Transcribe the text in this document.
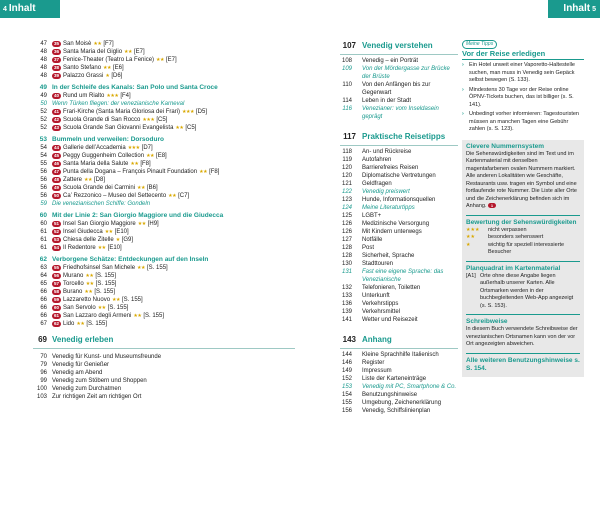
4 Inhalt	Inhalt 5
47	35 San Moisè ★★ [F7]
48	36 Santa Maria del Giglio ★★ [E7]
48	37 Fenice-Theater (Teatro La Fenice) ★★ [E7]
48	38 Santo Stefano ★★ [E6]
48	39 Palazzo Grassi ★ [D6]
49 In der Schleife des Kanals: San Polo und Santa Croce
49	40 Rund um Rialto ★★★ [F4]
50 Wenn Türken fliegen: der venezianische Karneval
52	41 Frari-Kirche (Santa Maria Gloriosa dei Frari) ★★★ [D5]
52	42 Scuola Grande di San Rocco ★★★ [C5]
52	43 Scuola Grande San Giovanni Evangelista ★★ [C5]
53 Bummeln und verweilen: Dorsoduro
54	44 Gallerie dell’Accademia ★★★ [D7]
54	45 Peggy Guggenheim Collection ★★ [E8]
55	46 Santa Maria della Salute ★★ [F8]
56	47 Punta della Dogana – François Pinault Foundation ★★ [F8]
56	48 Zattere ★★ [D8]
56	49 Scuola Grande dei Carmini ★★ [B6]
56	50 Ca’ Rezzonico – Museo del Settecento ★★ [C7]
59 Die venezianischen Schiffe: Gondeln
60 Mit der Linie 2: San Giorgio Maggiore und die Giudecca
60	51 Insel San Giorgio Maggiore ★★ [H9]
61	52 Insel Giudecca ★★ [E10]
61	53 Chiesa delle Zitelle ★ [G9]
61	54 Il Redentore ★★ [E10]
62 Verborgene Schätze: Entdeckungen auf den Inseln
63	55 Friedhofsinsel San Michele ★★ [S. 155]
64	56 Murano ★★ [S. 155]
65	57 Torcello ★★ [S. 155]
66	58 Burano ★★ [S. 155]
66	59 Lazzaretto Nuovo ★★ [S. 155]
66	60 San Servolo ★★ [S. 155]
66	61 San Lazzaro degli Armeni ★★ [S. 155]
67	62 Lido ★★ [S. 155]
69 Venedig erleben
70 Venedig für Kunst- und Museumsfreunde
79 Venedig für Genießer
96 Venedig am Abend
99 Venedig zum Stöbern und Shoppen
100 Venedig zum Durchatmen
103 Zur richtigen Zeit am richtigen Ort
107 Venedig verstehen
108 Venedig – ein Porträt
109 Von der Mördergasse zur Brücke der Brüste
110 Von den Anfängen bis zur Gegenwart
114 Leben in der Stadt
116 Venezianer: vom Inseldasein geprägt
117 Praktische Reisetipps
118 An- und Rückreise
119 Autofahren
120 Barrierefreies Reisen
120 Diplomatische Vertretungen
121 Geldfragen
122 Venedig preiswert
123 Hunde, Informationsquellen
124 Meine Literaturtipps
125 LGBT+
126 Medizinische Versorgung
126 Mit Kindern unterwegs
127 Notfälle
128 Post
128 Sicherheit, Sprache
130 Stadttouren
131 Fast eine eigene Sprache: das Venezianische
132 Telefonieren, Toiletten
133 Unterkunft
136 Verkehrstipps
139 Verkehrsmittel
141 Wetter und Reisezeit
143 Anhang
144 Kleine Sprachhilfe Italienisch
146 Register
149 Impressum
152 Liste der Karteneinträge
153 Venedig mit PC, Smartphone & Co.
154 Benutzungshinweise
155 Umgebung, Zeichenerklärung
156 Venedig, Schiffslinienplan
Meine Tipps
Vor der Reise erledigen
› Ein Hotel unweit einer Vaporetto-Haltestelle suchen, man muss in Venedig sein Gepäck selbst bewegen (S. 133).
› Mindestens 30 Tage vor der Reise online ÖPNV-Tickets buchen, das ist billiger (s. S. 141).
› Unbedingt vorher informieren: Tagestouristen müssen an manchen Tagen eine Gebühr zahlen (s. S. 123).
Clevere Nummernsystem
Die Sehenswürdigkeiten sind im Text und im Kartenmaterial mit denselben magentafarbenen ovalen Nummern markiert. Alle anderen Lokalitäten wie Geschäfte, Restaurants usw. tragen ein Symbol und eine fortlaufende rote Nummer. Die Liste aller Orte und die Zeichenerklärung befinden sich im Anhang. 1
Bewertung der Sehenswürdigkeiten
★★★	nicht verpassen
★★	besonders sehenswert
★	wichtig für speziell interessierte Besucher
Planquadrat im Kartenmaterial
[A1] Orte ohne diese Angabe liegen außerhalb unserer Karten. Alle Ortsmarken werden in der buchbegleitenden Web-App angezeigt (s. S. 153).
Schreibweise
In diesem Buch verwendete Schreibweise der venezianischen Ortsnamen kann von der vor Ort angezeigten abweichen.
Alle weiteren Benutzungshinweise s. S. 154.
